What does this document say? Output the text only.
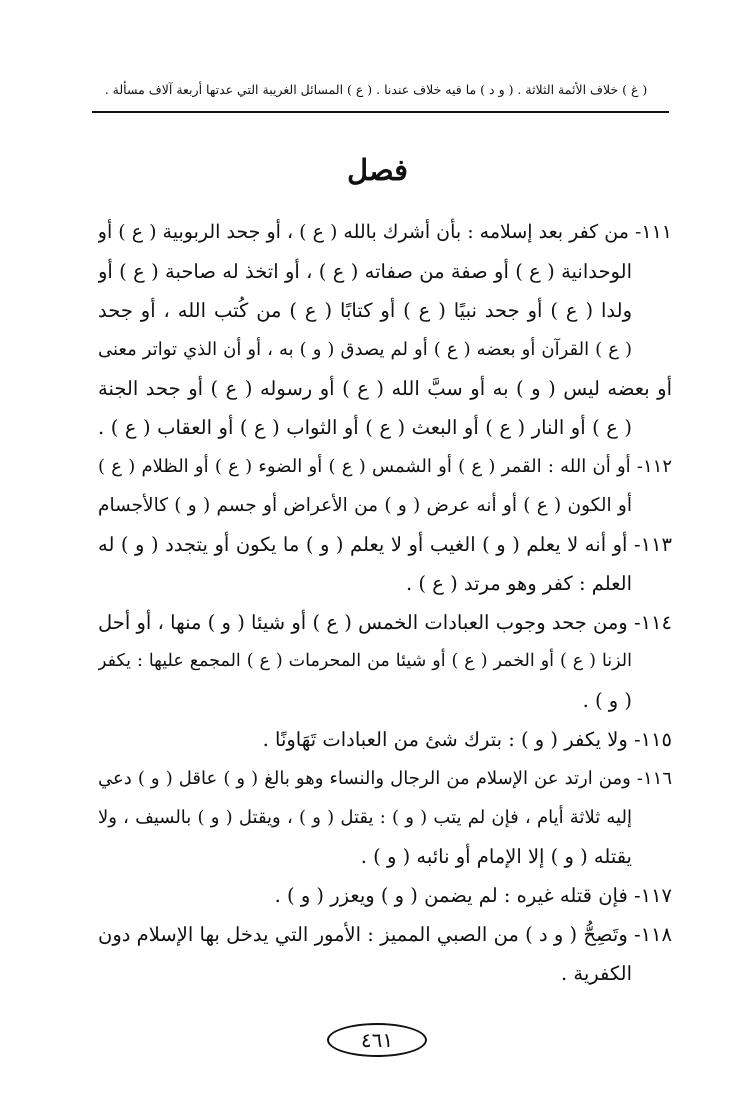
( غ ) خلاف الأئمة الثلاثة . ( و د ) ما فيه خلاف عندنا . ( ع ) المسائل الغريبة التي عدتها أربعة آلاف مسألة .
فصل
١١١- من كفر بعد إسلامه : بأن أشرك بالله ( ع ) ، أو جحد الربوبية ( ع ) أو
الوحدانية ( ع ) أو صفة من صفاته ( ع ) ، أو اتخذ له صاحبة ( ع ) أو
ولدا ( ع ) أو جحد نبيًا ( ع ) أو كتابًا ( ع ) من كُتب الله ، أو جحد
( ع ) القرآن أو بعضه ( ع ) أو لم يصدق ( و ) به ، أو أن الذي تواتر معنى
أو بعضه ليس ( و ) به أو سبَّ الله ( ع ) أو رسوله ( ع ) أو جحد الجنة
( ع ) أو النار ( ع ) أو البعث ( ع ) أو الثواب ( ع ) أو العقاب ( ع ) .
١١٢- أو أن الله : القمر ( ع ) أو الشمس ( ع ) أو الضوء ( ع ) أو الظلام ( ع )
أو الكون ( ع ) أو أنه عرض ( و ) من الأعراض أو جسم ( و ) كالأجسام
١١٣- أو أنه لا يعلم ( و ) الغيب أو لا يعلم ( و ) ما يكون أو يتجدد ( و ) له
العلم : كفر وهو مرتد ( ع ) .
١١٤- ومن جحد وجوب العبادات الخمس ( ع ) أو شيئا ( و ) منها ، أو أحل
الزنا ( ع ) أو الخمر ( ع ) أو شيئا من المحرمات ( ع ) المجمع عليها : يكفر
( و ) .
١١٥- ولا يكفر ( و ) : بترك شئ من العبادات تَهَاونًا .
١١٦- ومن ارتد عن الإسلام من الرجال والنساء وهو بالغ ( و ) عاقل ( و ) دعي
إليه ثلاثة أيام ، فإن لم يتب ( و ) : يقتل ( و ) ، ويقتل ( و ) بالسيف ، ولا
يقتله ( و ) إلا الإمام أو نائبه ( و ) .
١١٧- فإن قتله غيره : لم يضمن ( و ) ويعزر ( و ) .
١١٨- وتَصِحُّ ( و د ) من الصبي المميز : الأمور التي يدخل بها الإسلام دون
الكفرية .
٤٦١
